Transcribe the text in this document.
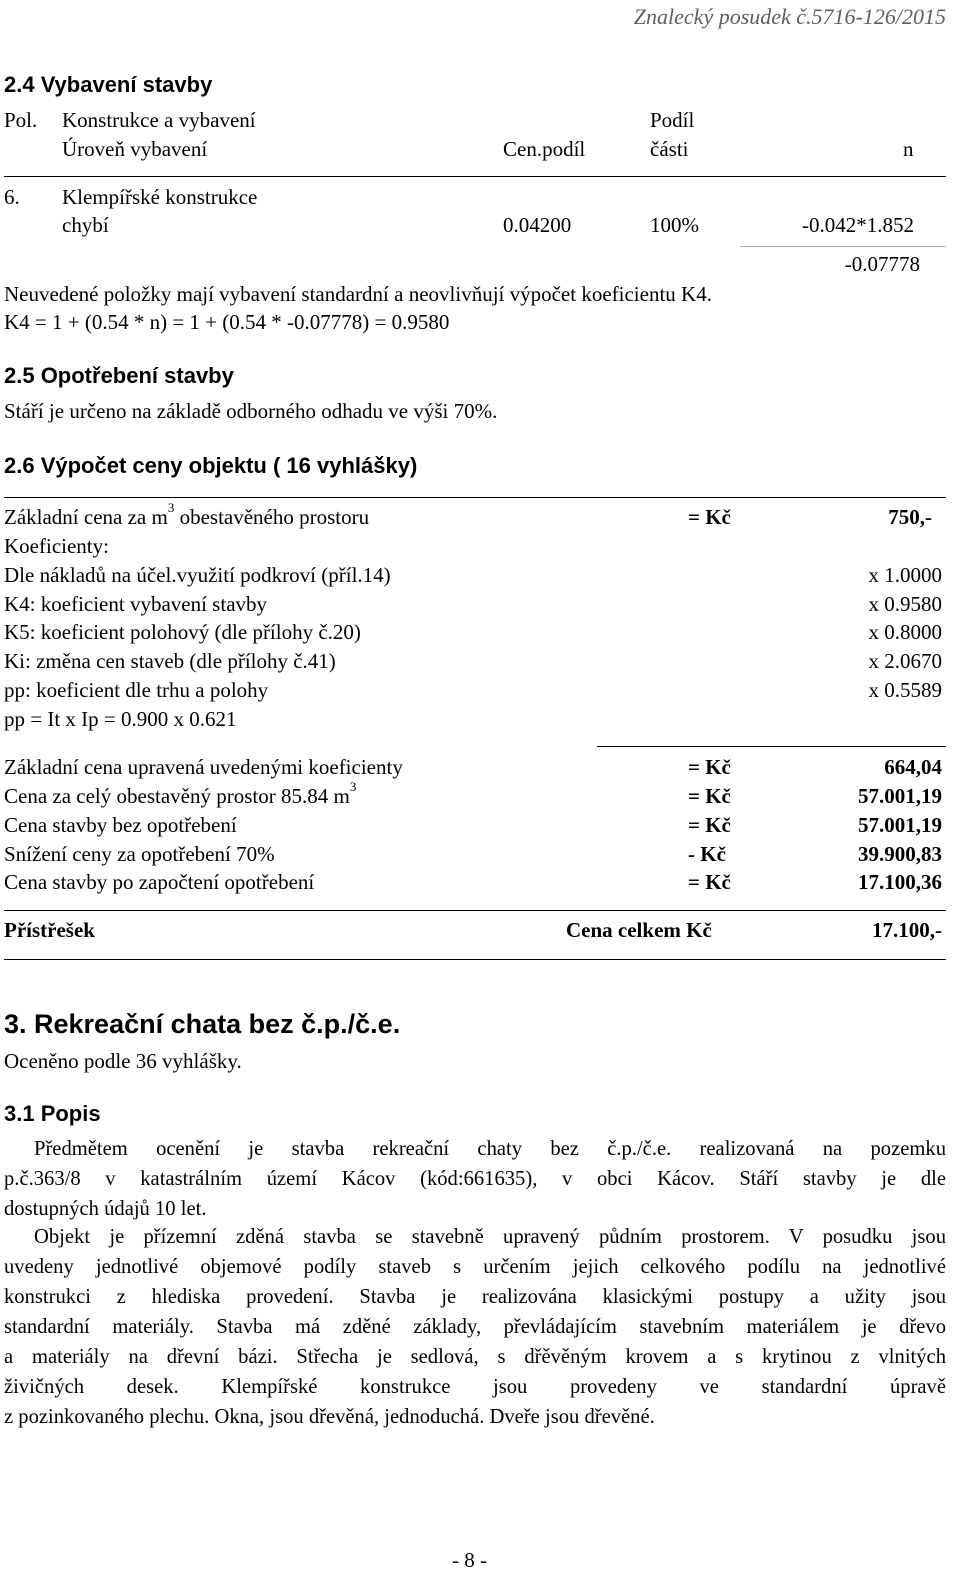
Znalecký posudek č.5716-126/2015
2.4 Vybavení stavby
Pol. Konstrukce a vybavení	Podíl
Úroveň vybavení	Cen.podíl	části	n
6. Klempířské konstrukce
chybí	0.04200	100%	-0.042*1.852
-0.07778
Neuvedené položky mají vybavení standardní a neovlivňují výpočet koeficientu K4.
K4 = 1 + (0.54 * n) = 1 + (0.54 * -0.07778) = 0.9580
2.5 Opotřebení stavby
Stáří je určeno na základě odborného odhadu ve výši 70%.
2.6 Výpočet ceny objektu ( 16 vyhlášky)
Základní cena za $m^3$ obestavěného prostoru	= Kč	750,-
Koeficienty:
Dle nákladů na účel.využití podkroví (příl.14)	x 1.0000
K4: koeficient vybavení stavby	x 0.9580
K5: koeficient polohový (dle přílohy č.20)	x 0.8000
Ki: změna cen staveb (dle přílohy č.41)	x 2.0670
pp: koeficient dle trhu a polohy	x 0.5589
pp = It x Ip = 0.900 x 0.621
Základní cena upravená uvedenými koeficienty	= Kč	664,04
Cena za celý obestavěný prostor 85.84 $m^3$	= Kč	57.001,19
Cena stavby bez opotřebení	= Kč	57.001,19
Snížení ceny za opotřebení 70%	- Kč	39.900,83
Cena stavby po započtení opotřebení	= Kč	17.100,36
Přístřešek	Cena celkem Kč	17.100,-
3. Rekreační chata bez č.p./č.e.
Oceněno podle 36 vyhlášky.
3.1 Popis
Předmětem ocenění je stavba rekreační chaty bez č.p./č.e. realizovaná na pozemku
p.č.363/8 v katastrálním území Kácov (kód:661635), v obci Kácov. Stáří stavby je dle
dostupných údajů 10 let.
Objekt je přízemní zděná stavba se stavebně upravený půdním prostorem. V posudku jsou
uvedeny jednotlivé objemové podíly staveb s určením jejich celkového podílu na jednotlivé
konstrukci z hlediska provedení. Stavba je realizována klasickými postupy a užity jsou
standardní materiály. Stavba má zděné základy, převládajícím stavebním materiálem je dřevo
a materiály na dřevní bázi. Střecha je sedlová, s dřěvěným krovem a s krytinou z vlnitých
živičných desek. Klempířské konstrukce jsou provedeny ve standardní úpravě
z pozinkovaného plechu. Okna, jsou dřevěná, jednoduchá. Dveře jsou dřevěné.
- 8 -
